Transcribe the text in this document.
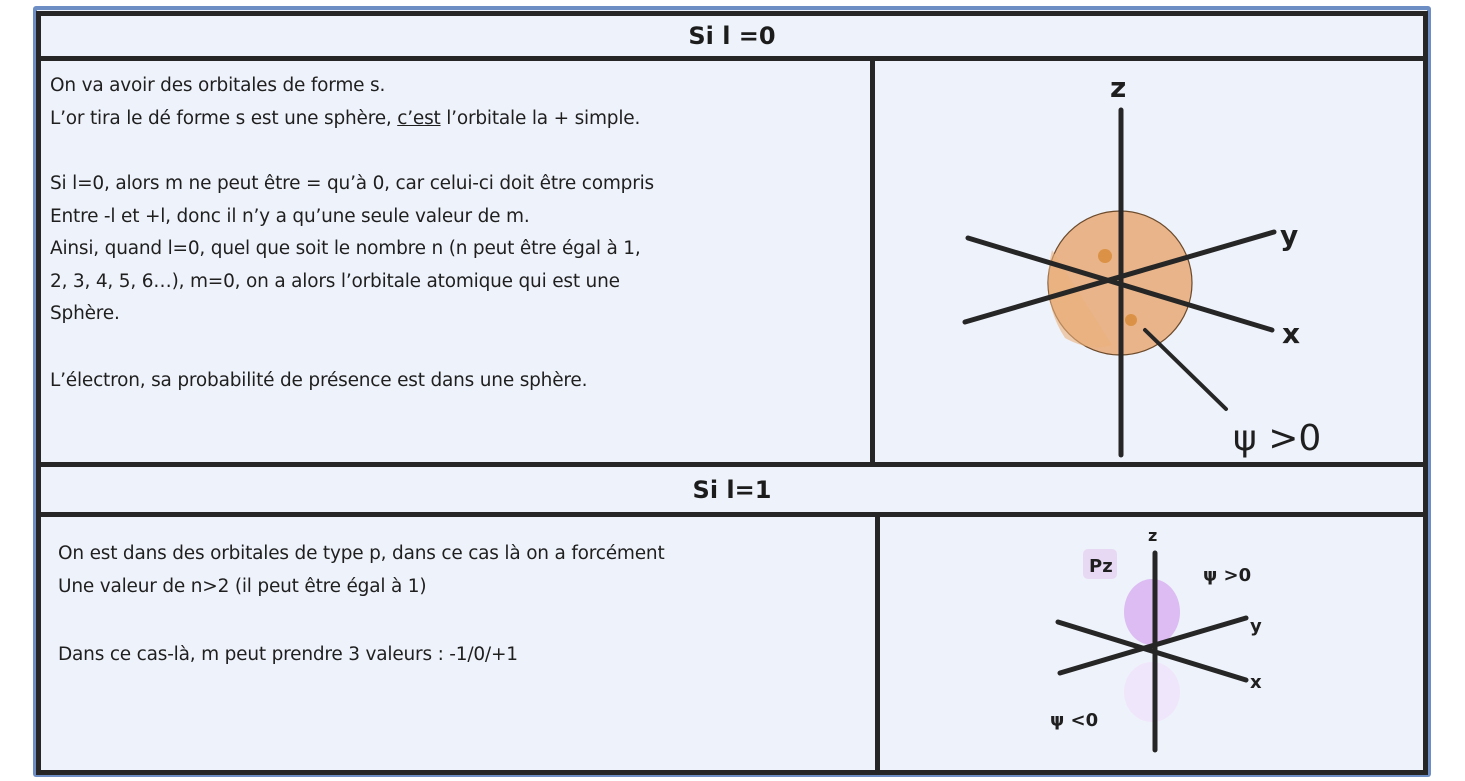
Si l =0
Si l=1

On va avoir des orbitales de forme s.
L’or tira le dé forme s est une sphère, c’est l’orbitale la + simple.

Si l=0, alors m ne peut être = qu’à 0, car celui-ci doit être compris
Entre -l et +l, donc il n’y a qu’une seule valeur de m.
Ainsi, quand l=0, quel que soit le nombre n (n peut être égal à 1,
2, 3, 4, 5, 6…), m=0, on a alors l’orbitale atomique qui est une
Sphère.

L’électron, sa probabilité de présence est dans une sphère.

On est dans des orbitales de type p, dans ce cas là on a forcément
Une valeur de n>2 (il peut être égal à 1)

Dans ce cas-là, m peut prendre 3 valeurs : -1/0/+1

z
y
x
ψ >0
Pz
z
y
x
ψ >0
ψ <0
